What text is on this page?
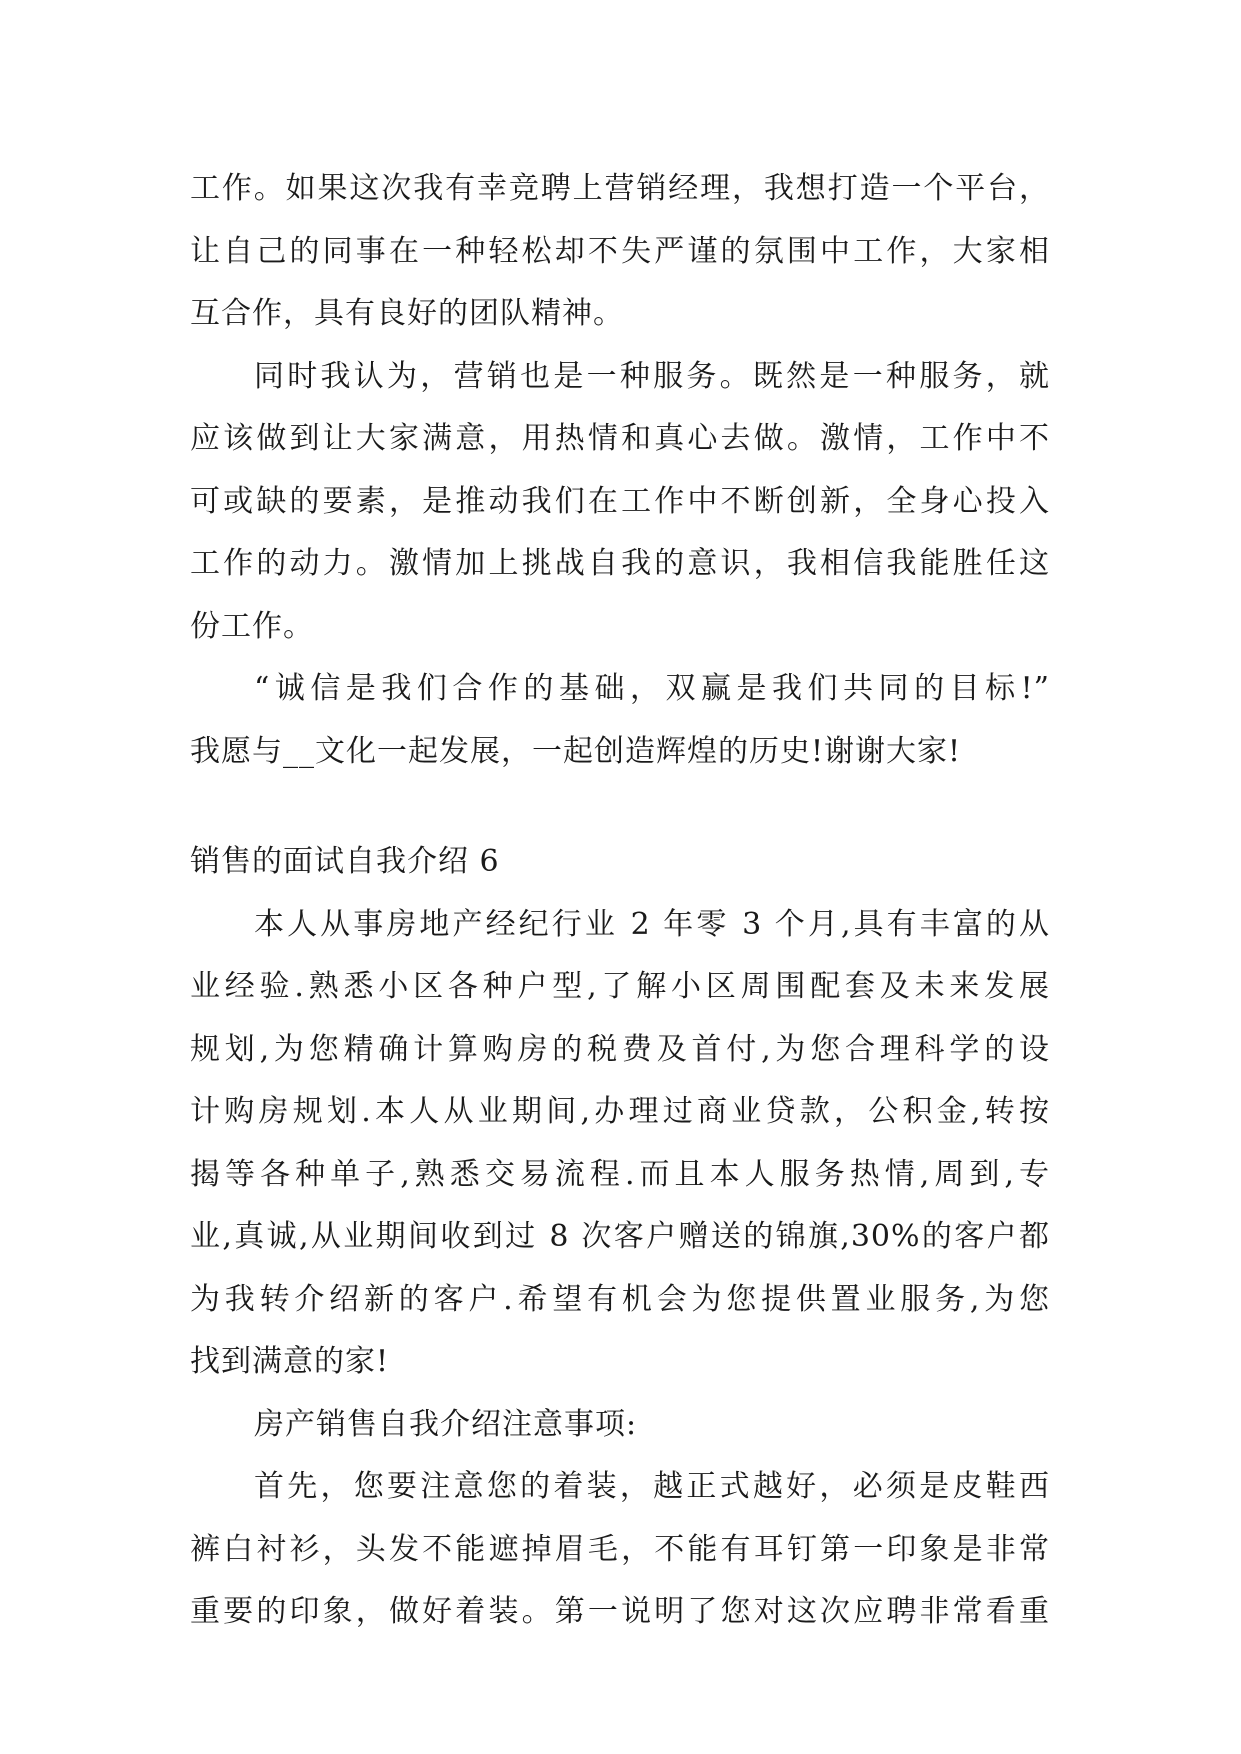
工作。如果这次我有幸竞聘上营销经理，我想打造一个平台，
让自己的同事在一种轻松却不失严谨的氛围中工作，大家相
互合作，具有良好的团队精神。
同时我认为，营销也是一种服务。既然是一种服务，就
应该做到让大家满意，用热情和真心去做。激情，工作中不
可或缺的要素，是推动我们在工作中不断创新，全身心投入
工作的动力。激情加上挑战自我的意识，我相信我能胜任这
份工作。
“诚信是我们合作的基础，双赢是我们共同的目标!”
我愿与__文化一起发展，一起创造辉煌的历史!谢谢大家!
销售的面试自我介绍 6
本人从事房地产经纪行业 2 年零 3 个月,具有丰富的从
业经验.熟悉小区各种户型,了解小区周围配套及未来发展
规划,为您精确计算购房的税费及首付,为您合理科学的设
计购房规划.本人从业期间,办理过商业贷款，公积金,转按
揭等各种单子,熟悉交易流程.而且本人服务热情,周到,专
业,真诚,从业期间收到过 8 次客户赠送的锦旗,30%的客户都
为我转介绍新的客户.希望有机会为您提供置业服务,为您
找到满意的家!
房产销售自我介绍注意事项:
首先，您要注意您的着装，越正式越好，必须是皮鞋西
裤白衬衫，头发不能遮掉眉毛，不能有耳钉第一印象是非常
重要的印象，做好着装。第一说明了您对这次应聘非常看重
